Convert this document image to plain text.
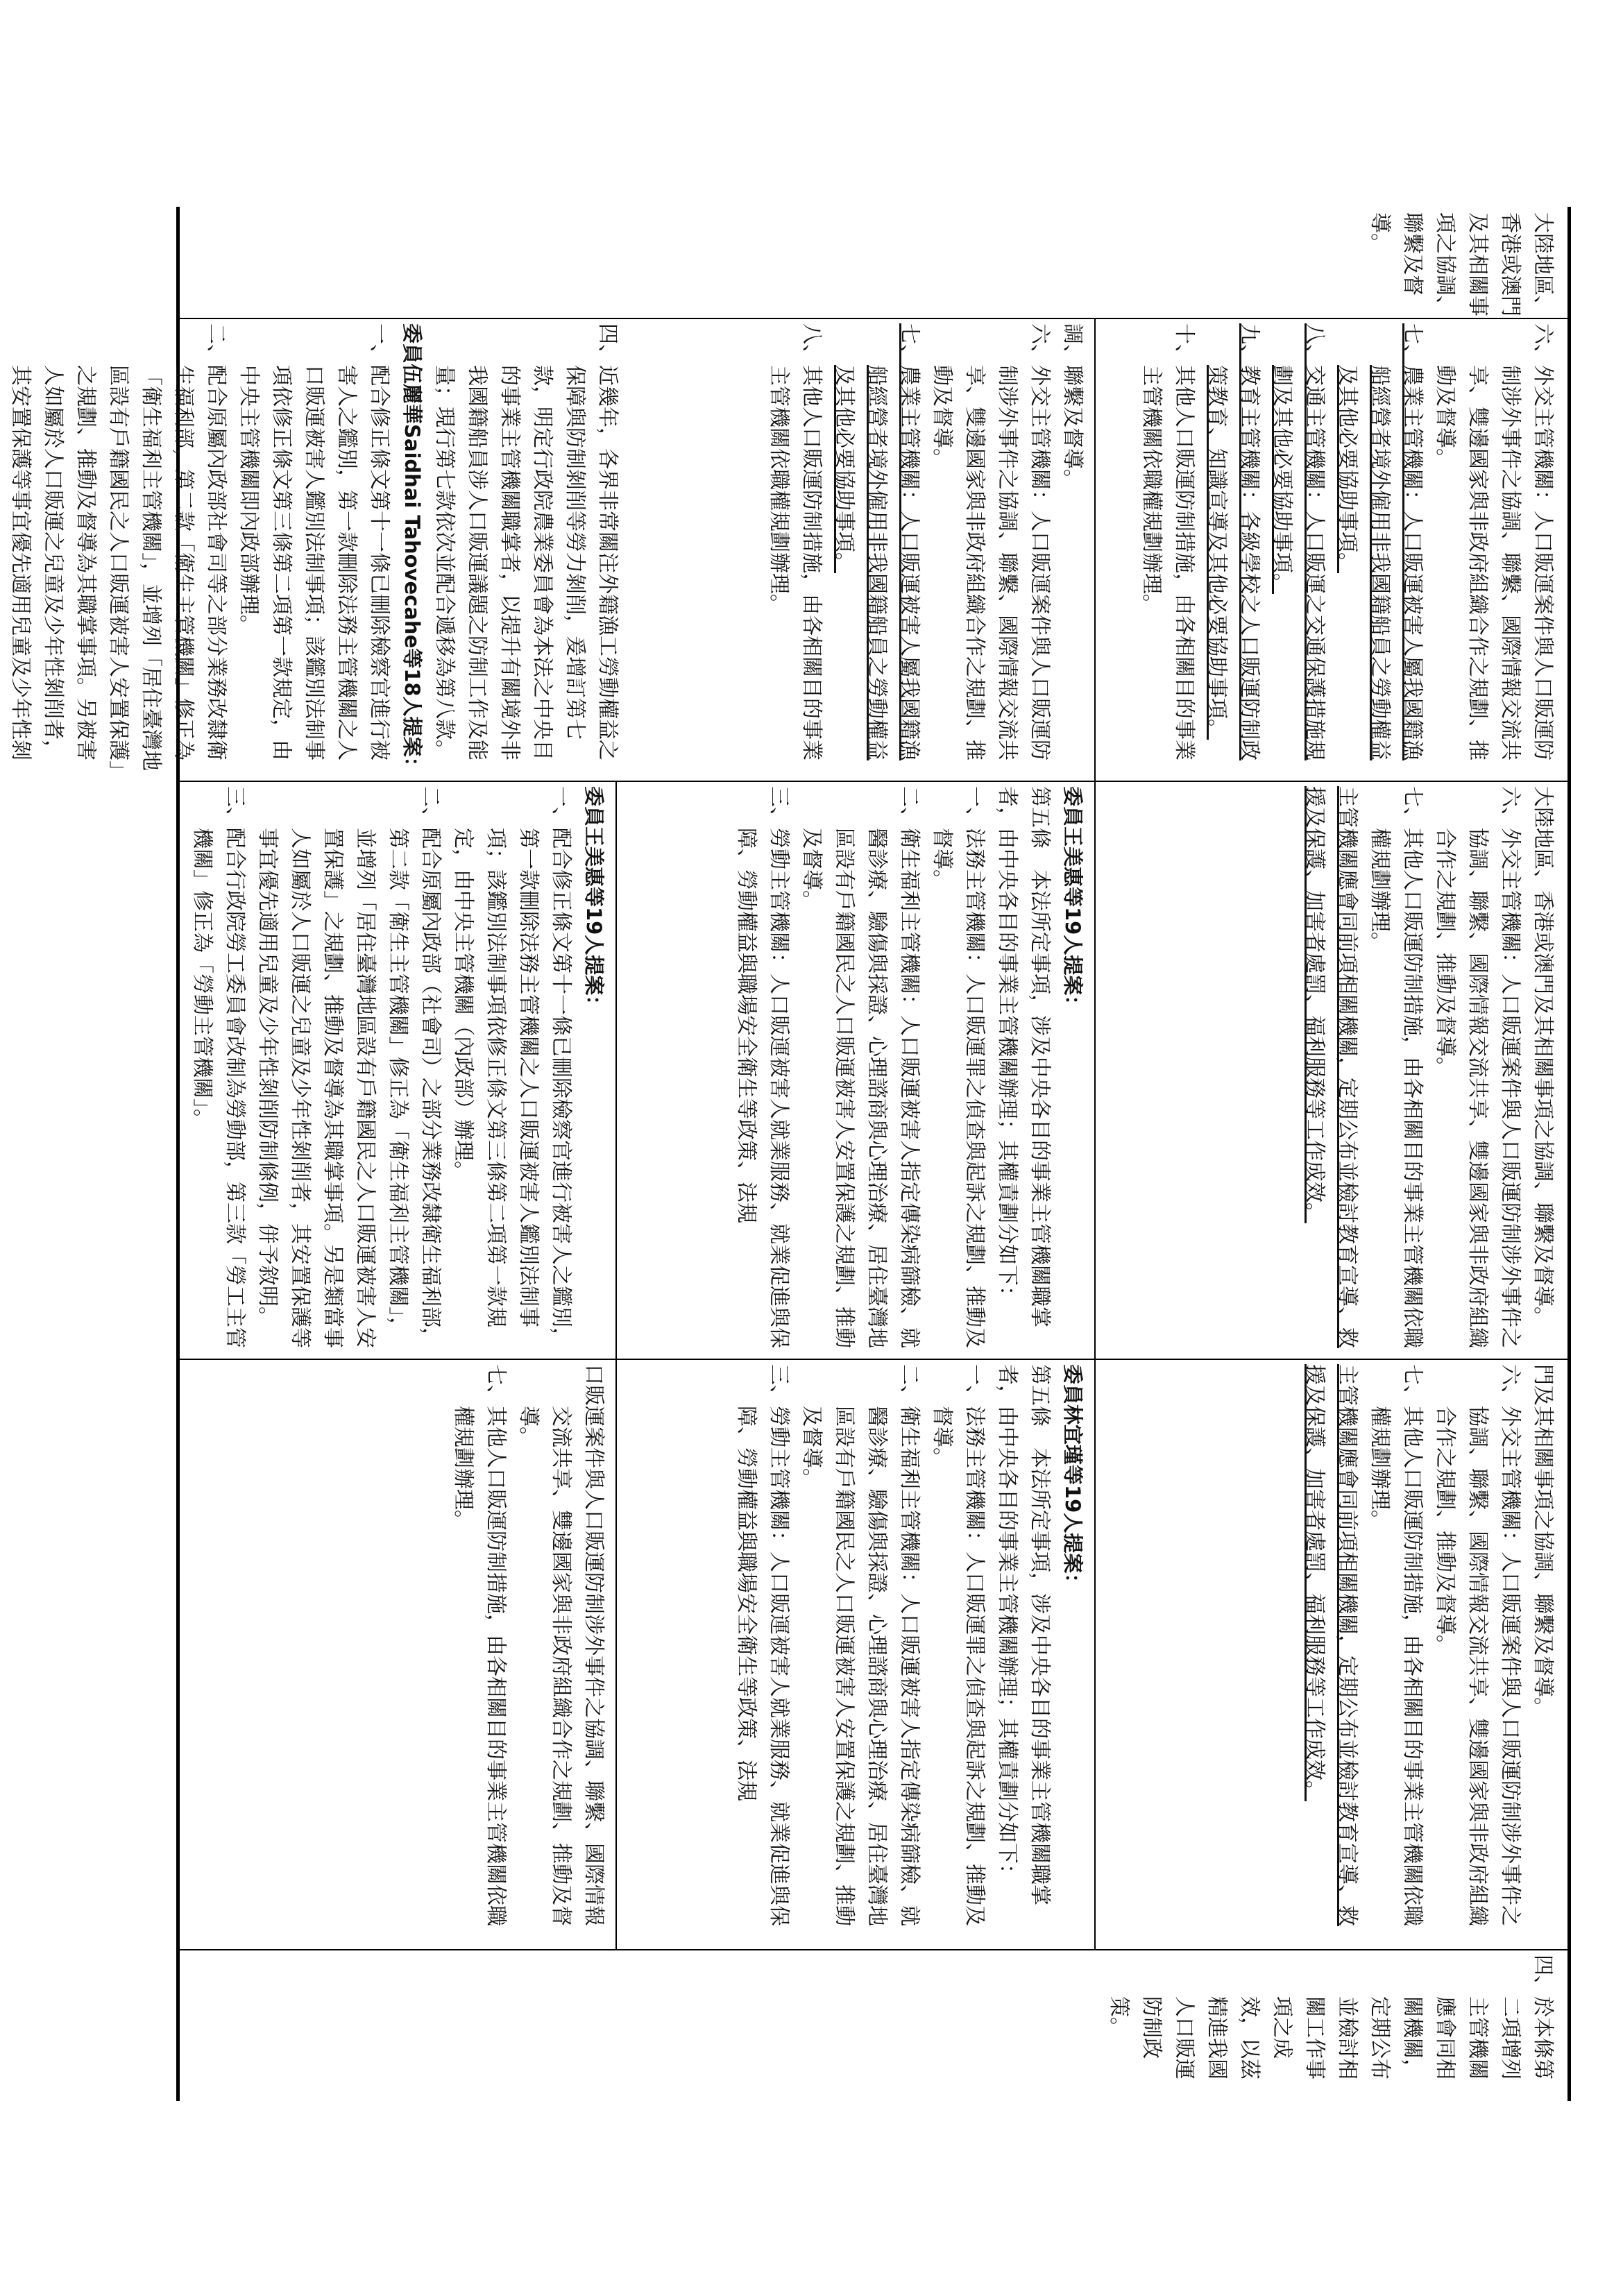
大陸地區、香港或澳門及其相關事項之協調、聯繫及督導。

六、外交主管機關：人口販運案件與人口販運防制涉外事件之協調、聯繫、國際情報交流共享、雙邊國家與非政府組織合作之規劃、推動及督導。

七、農業主管機關：人口販運被害人屬我國籍漁船經營者境外僱用非我國籍船員之勞動權益及其他必要協助事項。

八、交通主管機關：人口販運之交通保護措施規劃及其他必要協助事項。

九、教育主管機關：各級學校之人口販運防制政策教育、知識宣導及其他必要協助事項。

十、其他人口販運防制措施，由各相關目的事業主管機關依職權規劃辦理。

調、聯繫及督導。

六、外交主管機關：人口販運案件與人口販運防制涉外事件之協調、聯繫、國際情報交流共享、雙邊國家與非政府組織合作之規劃、推動及督導。

七、農業主管機關：人口販運被害人屬我國籍漁船經營者境外僱用非我國籍船員之勞動權益及其他必要協助事項。

八、其他人口販運防制措施，由各相關目的事業主管機關依職權規劃辦理。

大陸地區、香港或澳門及其相關事項之協調、聯繫及督導。

六、外交主管機關：人口販運案件與人口販運防制涉外事件之協調、聯繫、國際情報交流共享、雙邊國家與非政府組織合作之規劃、推動及督導。

七、其他人口販運防制措施，由各相關目的事業主管機關依職權規劃辦理。

主管機關應會同前項相關機關，定期公布並檢討教育宣導、救援及保護、加害者處罰、福利服務等工作成效。

委員王美惠等19人提案：

第五條　本法所定事項，涉及中央各目的事業主管機關職掌者，由中央各目的事業主管機關辦理；其權責劃分如下：

一、法務主管機關：人口販運罪之偵查與起訴之規劃、推動及督導。

二、衛生福利主管機關：人口販運被害人指定傳染病篩檢、就醫診療、驗傷與採證、心理諮商與心理治療、居住臺灣地區設有戶籍國民之人口販運被害人安置保護之規劃、推動及督導。

三、勞動主管機關：人口販運被害人就業服務、就業促進與保障、勞動權益與職場安全衛生等政策、法規

門及其相關事項之協調、聯繫及督導。

六、外交主管機關：人口販運案件與人口販運防制涉外事件之協調、聯繫、國際情報交流共享、雙邊國家與非政府組織合作之規劃、推動及督導。

七、其他人口販運防制措施，由各相關目的事業主管機關依職權規劃辦理。

主管機關應會同前項相關機關，定期公布並檢討教育宣導、救援及保護、加害者處罰、福利服務等工作成效。

委員林宜瑾等19人提案：

第五條　本法所定事項，涉及中央各目的事業主管機關職掌者，由中央各目的事業主管機關辦理；其權責劃分如下：

一、法務主管機關：人口販運罪之偵查與起訴之規劃、推動及督導。

二、衛生福利主管機關：人口販運被害人指定傳染病篩檢、就醫診療、驗傷與採證、心理諮商與心理治療、居住臺灣地區設有戶籍國民之人口販運被害人安置保護之規劃、推動及督導。

三、勞動主管機關：人口販運被害人就業服務、就業促進與保障、勞動權益與職場安全衛生等政策、法規

口販運案件與人口販運防制涉外事件之協調、聯繫、國際情報交流共享、雙邊國家與非政府組織合作之規劃、推動及督導。

七、其他人口販運防制措施，由各相關目的事業主管機關依職權規劃辦理。

四、於本條第二項增列主管機關應會同相關機關，定期公布並檢討相關工作事項之成效，以茲精進我國人口販運防制政策。

委員王美惠等19人提案：

一、配合修正條文第十一條已刪除檢察官進行被害人之鑑別，第一款刪除法務主管機關之人口販運被害人鑑別法制事項；該鑑別法制事項依修正條文第三條第二項第一款規定，由中央主管機關（內政部）辦理。

二、配合原屬內政部（社會司）之部分業務改隸衛生福利部，第二款「衛生主管機關」修正為「衛生福利主管機關」，並增列「居住臺灣地區設有戶籍國民之人口販運被害人安置保護」之規劃、推動及督導為其職掌事項。另是類當事人如屬於人口販運之兒童及少年性剝削者，其安置保護等事宜優先適用兒童及少年性剝削防制條例，併予敘明。

三、配合行政院勞工委員會改制為勞動部，第三款「勞工主管機關」修正為「勞動主管機關」。

四、近幾年，各界非常關注外籍漁工勞動權益之保障與防制剝削等勞力剝削，爰增訂第七款，明定行政院農業委員會為本法之中央目的事業主管機關職掌者，以提升有關境外非我國籍船員涉人口販運議題之防制工作及能量；現行第七款依次並配合遞移為第八款。

委員伍麗華Saidhai Tahovecahe等18人提案：

一、配合修正條文第十一條已刪除檢察官進行被害人之鑑別，第一款刪除法務主管機關之人口販運被害人鑑別法制事項；該鑑別法制事項依修正條文第三條第二項第一款規定，由中央主管機關即內政部辦理。

二、配合原屬內政部社會司等之部分業務改隸衛生福利部，第二款「衛生主管機關」修正為「衛生福利主管機關」，並增列「居住臺灣地區設有戶籍國民之人口販運被害人安置保護」之規劃、推動及督導為其職掌事項。另被害人如屬於人口販運之兒童及少年性剝削者，其安置保護等事宜優先適用兒童及少年性剝
